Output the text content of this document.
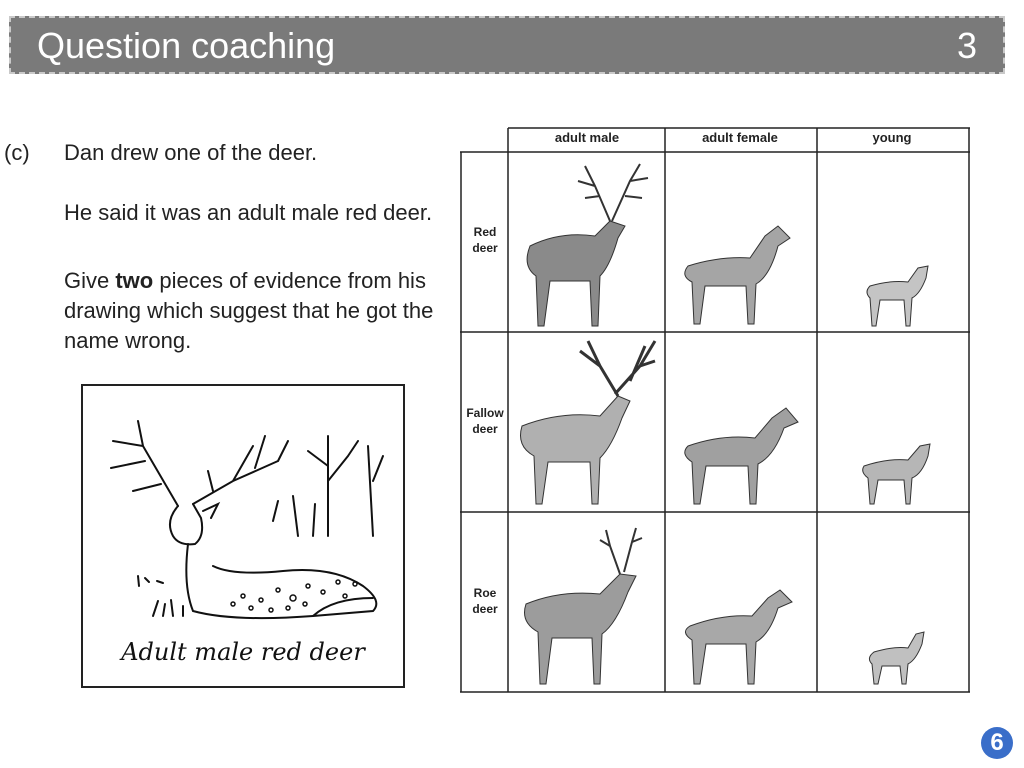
Question coaching	3
(c) Dan drew one of the deer.
He said it was an adult male red deer.
Give two pieces of evidence from his drawing which suggest that he got the name wrong.
Adult male red deer
adult male	adult female	young
Red
deer
Fallow
deer
Roe
deer
6
